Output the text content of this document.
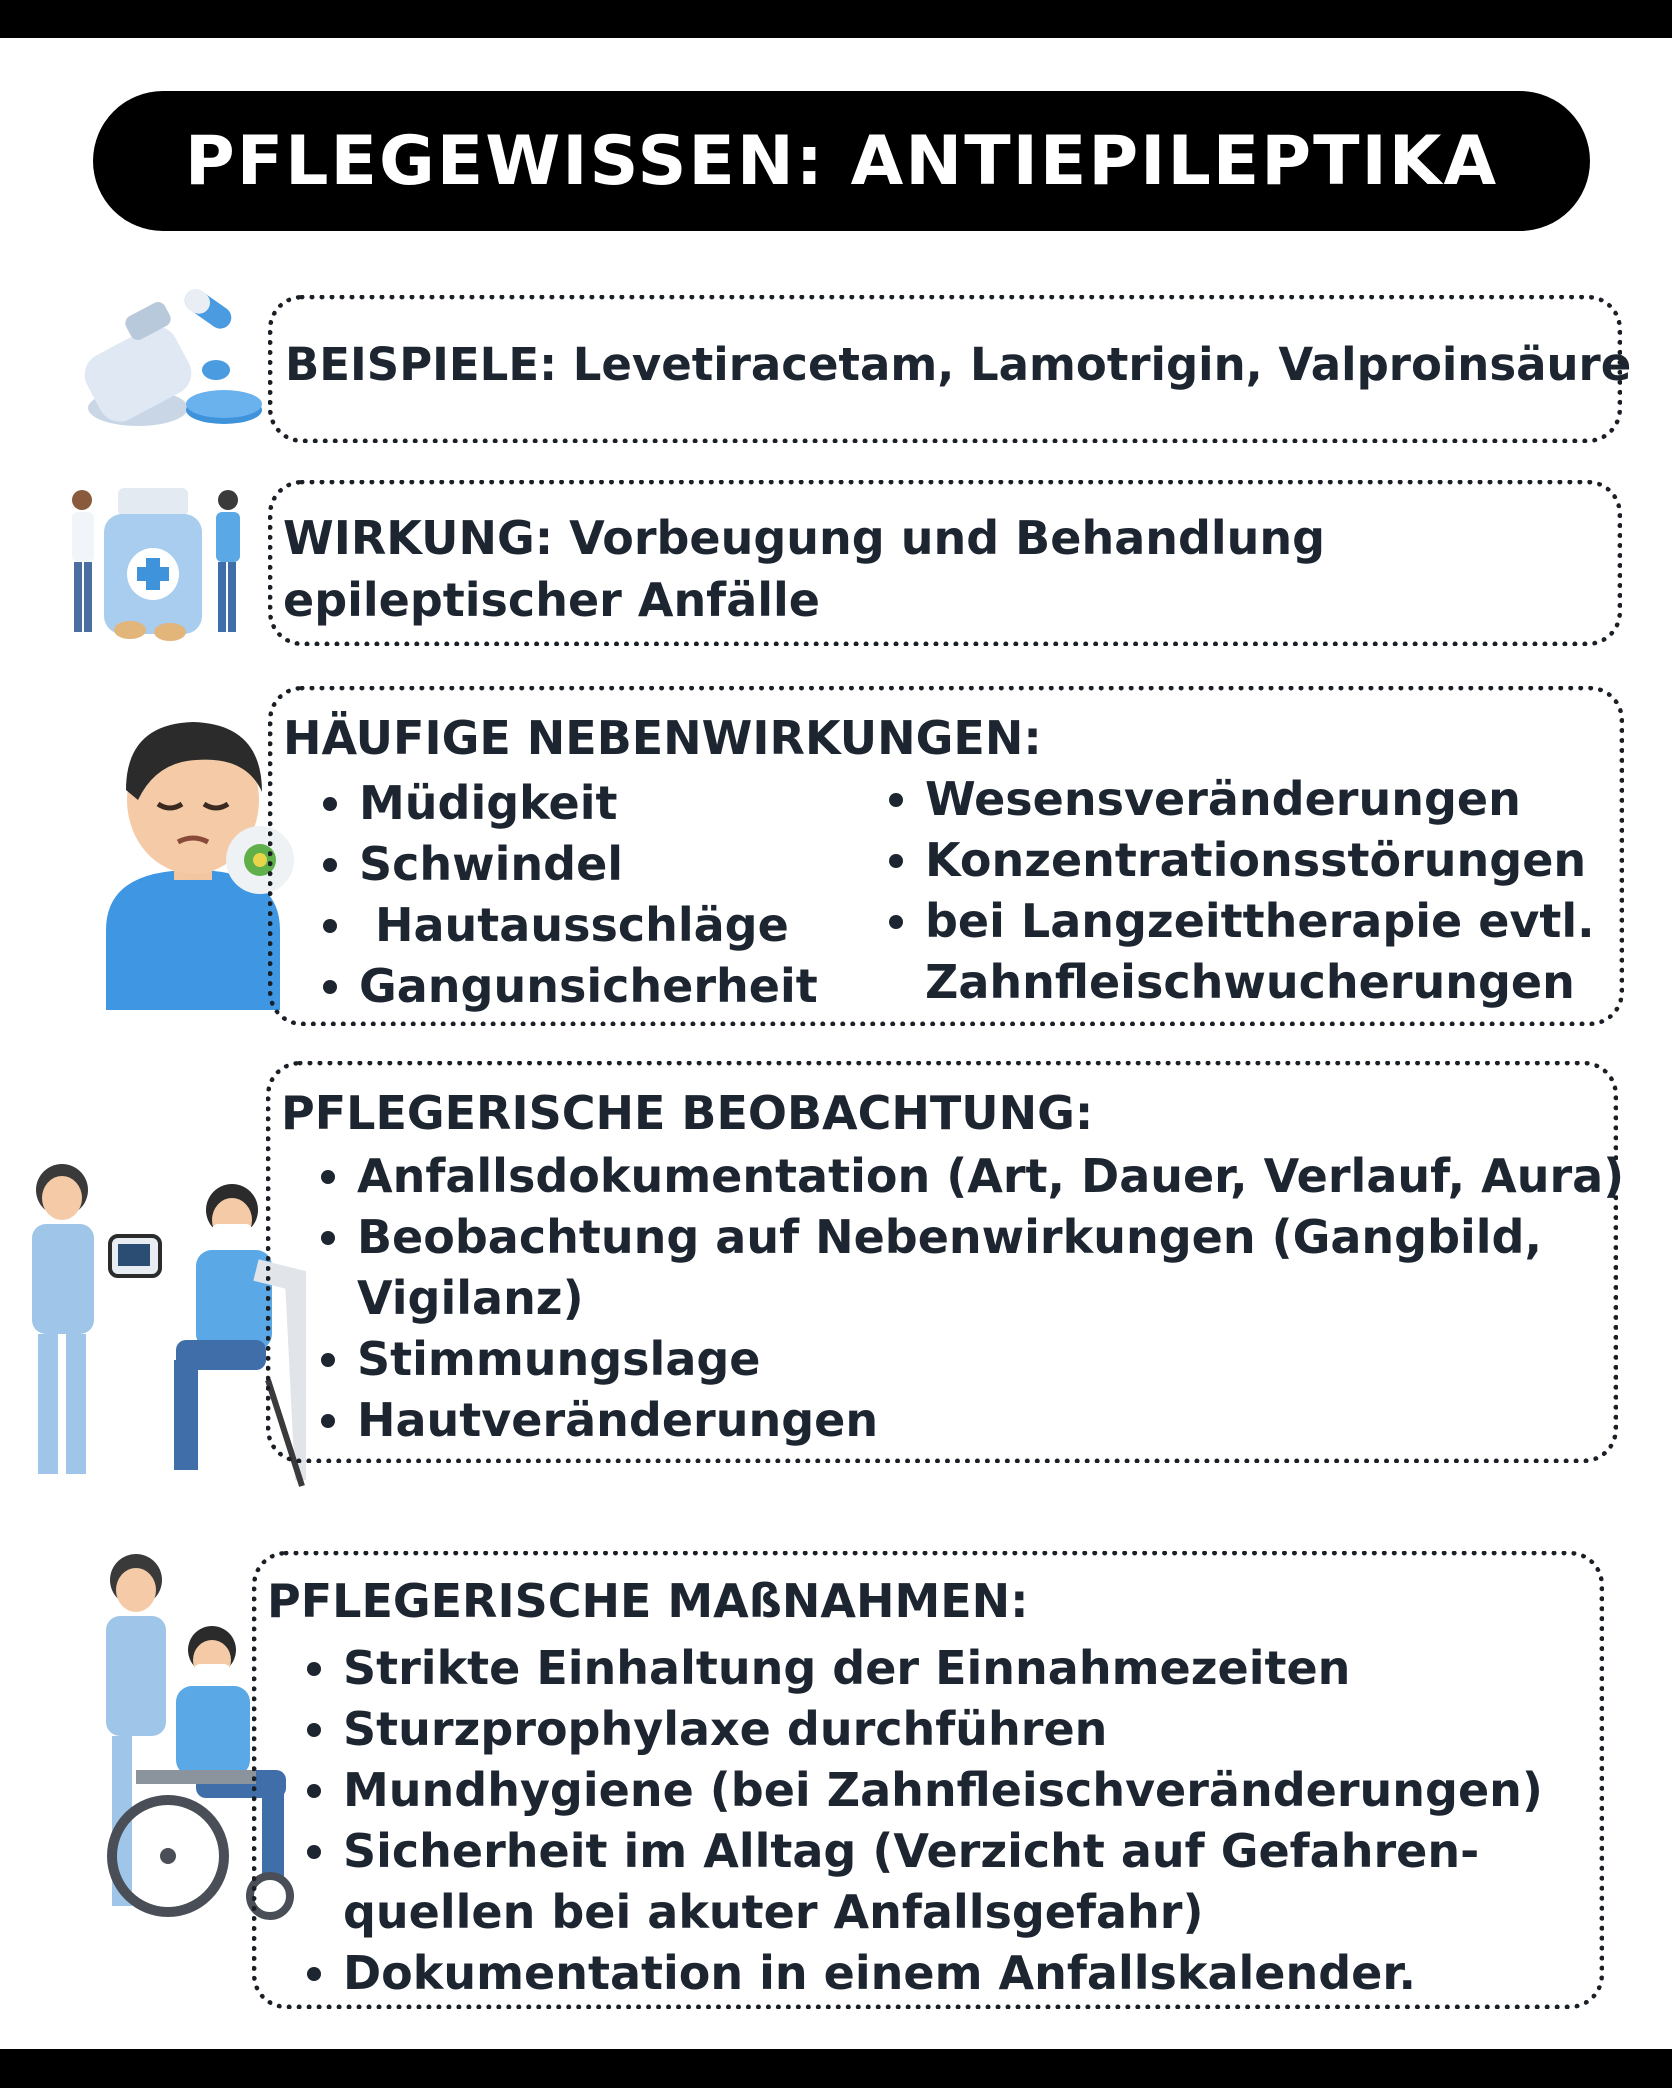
PFLEGEWISSEN: ANTIEPILEPTIKA
BEISPIELE: Levetiracetam, Lamotrigin, Valproinsäure
WIRKUNG: Vorbeugung und Behandlung
epileptischer Anfälle
HÄUFIGE NEBENWIRKUNGEN:
Müdigkeit
Schwindel
Hautausschläge
Gangunsicherheit
Wesensveränderungen
Konzentrationsstörungen
bei Langzeittherapie evtl.
Zahnfleischwucherungen
PFLEGERISCHE BEOBACHTUNG:
Anfallsdokumentation (Art, Dauer, Verlauf, Aura)
Beobachtung auf Nebenwirkungen (Gangbild,
Vigilanz)
Stimmungslage
Hautveränderungen
PFLEGERISCHE MAßNAHMEN:
Strikte Einhaltung der Einnahmezeiten
Sturzprophylaxe durchführen
Mundhygiene (bei Zahnfleischveränderungen)
Sicherheit im Alltag (Verzicht auf Gefahren-
quellen bei akuter Anfallsgefahr)
Dokumentation in einem Anfallskalender.
